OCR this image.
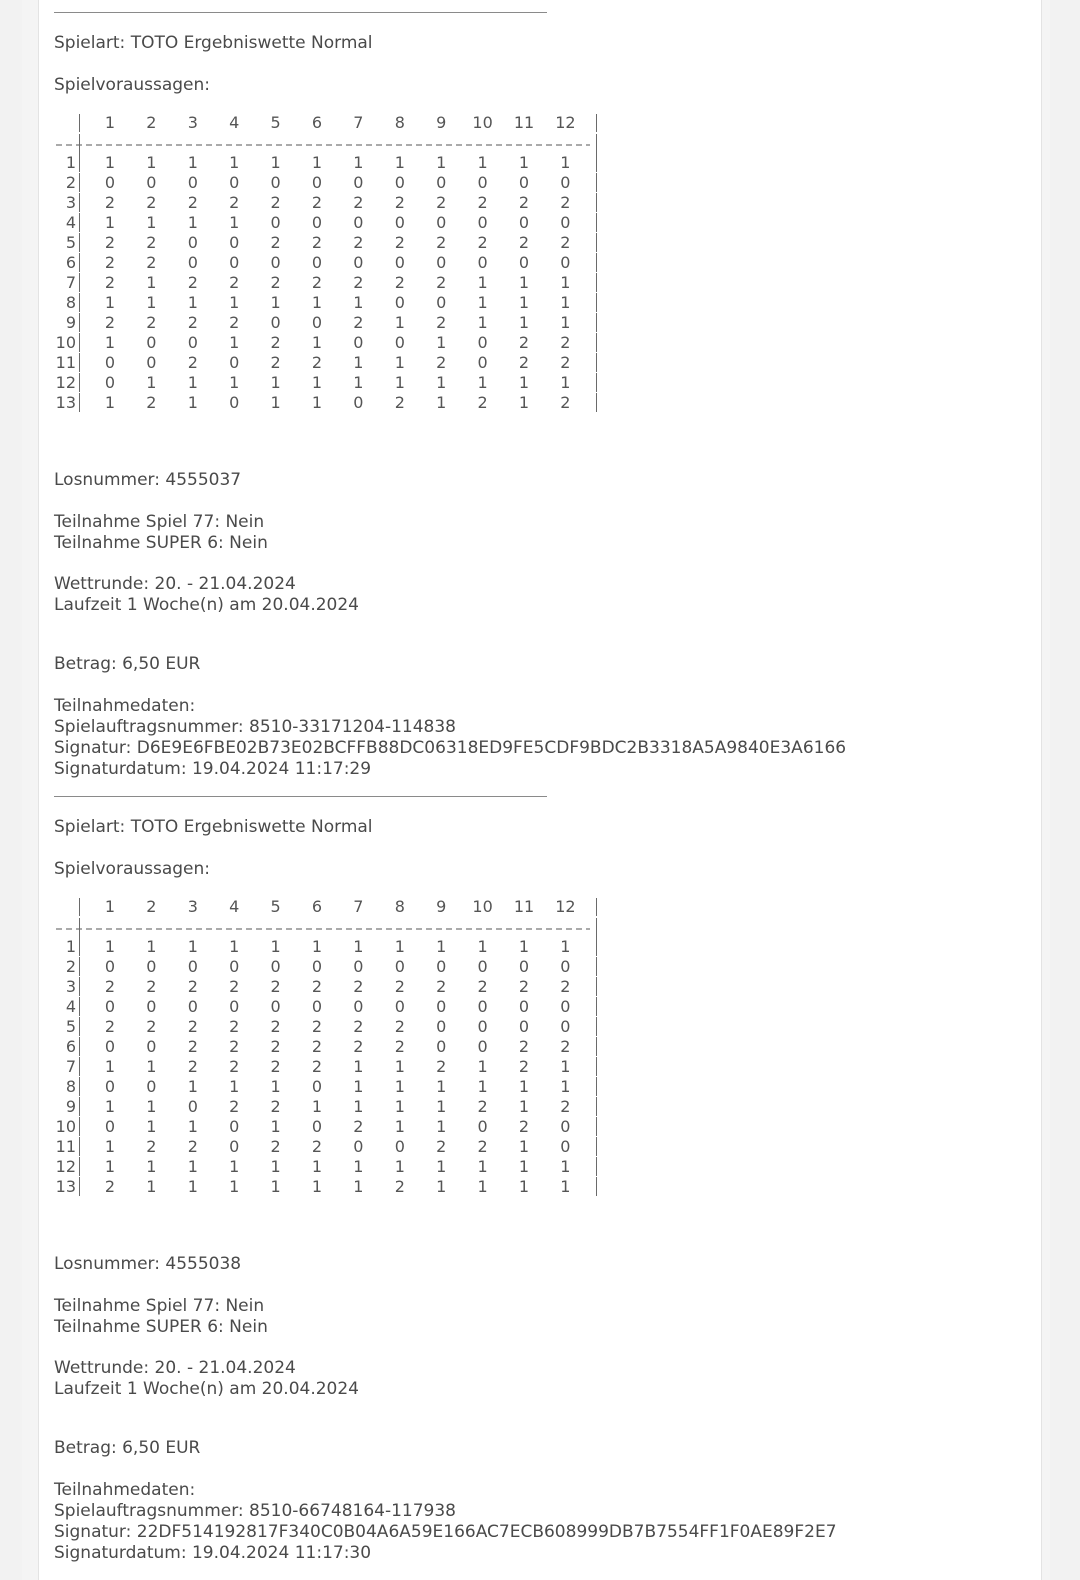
Spielart: TOTO Ergebniswette Normal
Spielvoraussagen:
1 2 3 4 5 6 7 8 9 10 11 12
1 1 1 1 1 1 1 1 1 1 1 1 1
2 0 0 0 0 0 0 0 0 0 0 0 0
3 2 2 2 2 2 2 2 2 2 2 2 2
4 1 1 1 1 0 0 0 0 0 0 0 0
5 2 2 0 0 2 2 2 2 2 2 2 2
6 2 2 0 0 0 0 0 0 0 0 0 0
7 2 1 2 2 2 2 2 2 2 1 1 1
8 1 1 1 1 1 1 1 0 0 1 1 1
9 2 2 2 2 0 0 2 1 2 1 1 1
10 1 0 0 1 2 1 0 0 1 0 2 2
11 0 0 2 0 2 2 1 1 2 0 2 2
12 0 1 1 1 1 1 1 1 1 1 1 1
13 1 2 1 0 1 1 0 2 1 2 1 2
Losnummer: 4555037
Teilnahme Spiel 77: Nein
Teilnahme SUPER 6: Nein
Wettrunde: 20. - 21.04.2024
Laufzeit 1 Woche(n) am 20.04.2024
Betrag: 6,50 EUR
Teilnahmedaten:
Spielauftragsnummer: 8510-33171204-114838
Signatur: D6E9E6FBE02B73E02BCFFB88DC06318ED9FE5CDF9BDC2B3318A5A9840E3A6166
Signaturdatum: 19.04.2024 11:17:29
Spielart: TOTO Ergebniswette Normal
Spielvoraussagen:
1 2 3 4 5 6 7 8 9 10 11 12
1 1 1 1 1 1 1 1 1 1 1 1 1
2 0 0 0 0 0 0 0 0 0 0 0 0
3 2 2 2 2 2 2 2 2 2 2 2 2
4 0 0 0 0 0 0 0 0 0 0 0 0
5 2 2 2 2 2 2 2 2 0 0 0 0
6 0 0 2 2 2 2 2 2 0 0 2 2
7 1 1 2 2 2 2 1 1 2 1 2 1
8 0 0 1 1 1 0 1 1 1 1 1 1
9 1 1 0 2 2 1 1 1 1 2 1 2
10 0 1 1 0 1 0 2 1 1 0 2 0
11 1 2 2 0 2 2 0 0 2 2 1 0
12 1 1 1 1 1 1 1 1 1 1 1 1
13 2 1 1 1 1 1 1 2 1 1 1 1
Losnummer: 4555038
Teilnahme Spiel 77: Nein
Teilnahme SUPER 6: Nein
Wettrunde: 20. - 21.04.2024
Laufzeit 1 Woche(n) am 20.04.2024
Betrag: 6,50 EUR
Teilnahmedaten:
Spielauftragsnummer: 8510-66748164-117938
Signatur: 22DF514192817F340C0B04A6A59E166AC7ECB608999DB7B7554FF1F0AE89F2E7
Signaturdatum: 19.04.2024 11:17:30
